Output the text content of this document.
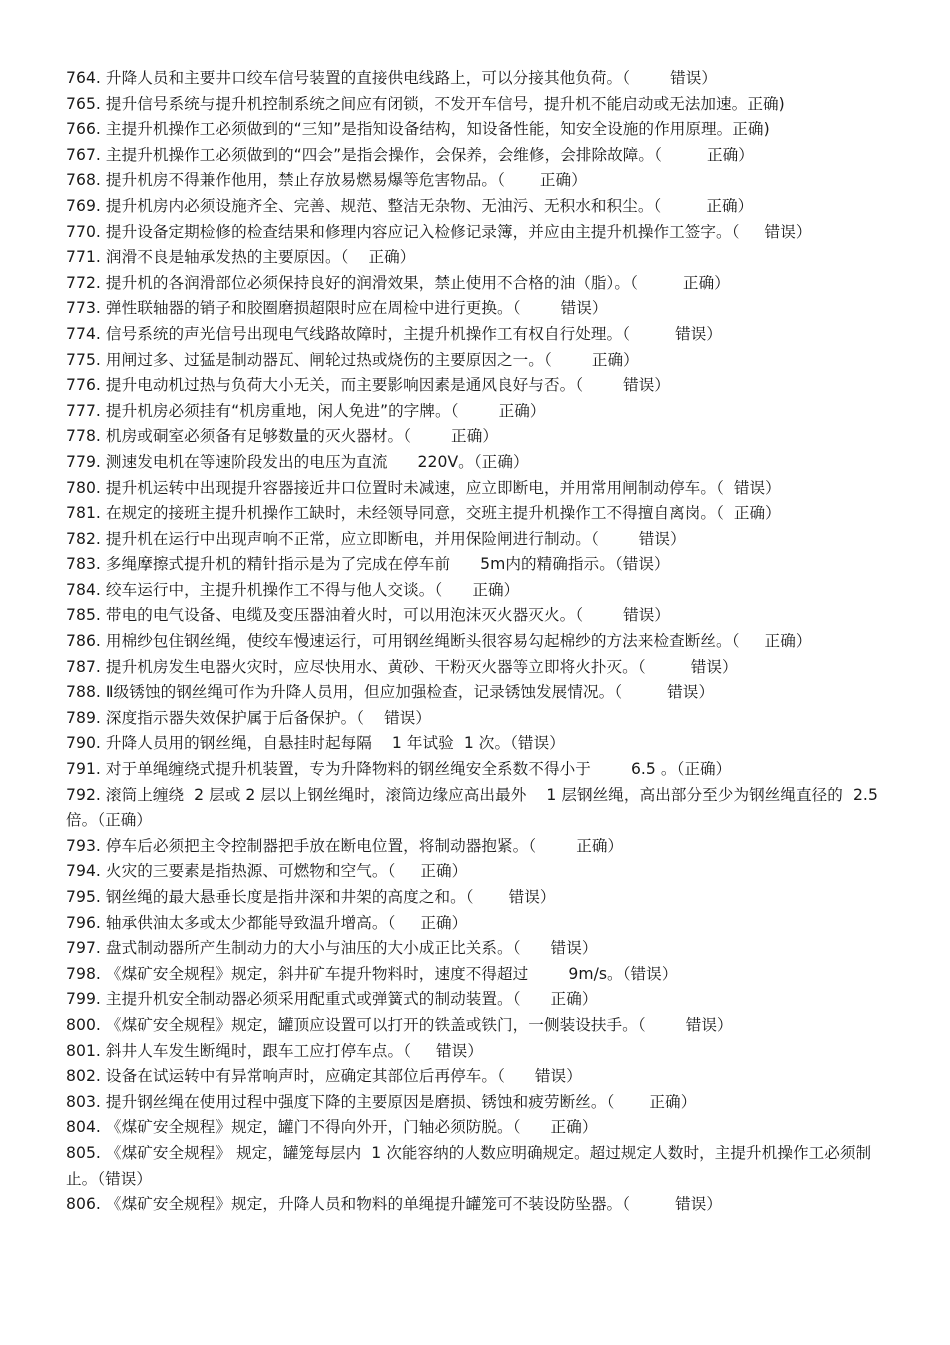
764. 升降人员和主要井口绞车信号装置的直接供电线路上，可以分接其他负荷。（        错误）

765. 提升信号系统与提升机控制系统之间应有闭锁，不发开车信号，提升机不能启动或无法加速。正确)

766. 主提升机操作工必须做到的“三知”是指知设备结构，知设备性能，知安全设施的作用原理。正确)

767. 主提升机操作工必须做到的“四会”是指会操作，会保养，会维修，会排除故障。（         正确）

768. 提升机房不得兼作他用，禁止存放易燃易爆等危害物品。（       正确）

769. 提升机房内必须设施齐全、完善、规范、整洁无杂物、无油污、无积水和积尘。（         正确）

770. 提升设备定期检修的检查结果和修理内容应记入检修记录簿，并应由主提升机操作工签字。（     错误）

771. 润滑不良是轴承发热的主要原因。（    正确）

772. 提升机的各润滑部位必须保持良好的润滑效果，禁止使用不合格的油（脂）。（         正确）

773. 弹性联轴器的销子和胶圈磨损超限时应在周检中进行更换。（        错误）

774. 信号系统的声光信号出现电气线路故障时，主提升机操作工有权自行处理。（         错误）

775. 用闸过多、过猛是制动器瓦、闸轮过热或烧伤的主要原因之一。（        正确）

776. 提升电动机过热与负荷大小无关，而主要影响因素是通风良好与否。（        错误）

777. 提升机房必须挂有“机房重地，闲人免进”的字牌。（        正确）

778. 机房或硐室必须备有足够数量的灭火器材。（        正确）

779. 测速发电机在等速阶段发出的电压为直流      220V。（正确）

780. 提升机运转中出现提升容器接近井口位置时未减速，应立即断电，并用常用闸制动停车。（  错误）

781. 在规定的接班主提升机操作工缺时，未经领导同意，交班主提升机操作工不得擅自离岗。（  正确）

782. 提升机在运行中出现声响不正常，应立即断电，并用保险闸进行制动。（        错误）

783. 多绳摩擦式提升机的精针指示是为了完成在停车前      5m内的精确指示。（错误）

784. 绞车运行中，主提升机操作工不得与他人交谈。（      正确）

785. 带电的电气设备、电缆及变压器油着火时，可以用泡沫灭火器灭火。（        错误）

786. 用棉纱包住钢丝绳，使绞车慢速运行，可用钢丝绳断头很容易勾起棉纱的方法来检查断丝。（     正确）

787. 提升机房发生电器火灾时，应尽快用水、黄砂、干粉灭火器等立即将火扑灭。（         错误）

788. Ⅱ级锈蚀的钢丝绳可作为升降人员用，但应加强检查，记录锈蚀发展情况。（         错误）

789. 深度指示器失效保护属于后备保护。（    错误）

790. 升降人员用的钢丝绳，自悬挂时起每隔    1 年试验  1 次。（错误）

791. 对于单绳缠绕式提升机装置，专为升降物料的钢丝绳安全系数不得小于        6.5 。（正确）

792. 滚筒上缠绕  2 层或 2 层以上钢丝绳时，滚筒边缘应高出最外    1 层钢丝绳，高出部分至少为钢丝绳直径的  2.5 倍。（正确）

793. 停车后必须把主令控制器把手放在断电位置，将制动器抱紧。（        正确）

794. 火灾的三要素是指热源、可燃物和空气。（     正确）

795. 钢丝绳的最大悬垂长度是指井深和井架的高度之和。（       错误）

796. 轴承供油太多或太少都能导致温升增高。（     正确）

797. 盘式制动器所产生制动力的大小与油压的大小成正比关系。（      错误）

798. 《煤矿安全规程》规定，斜井矿车提升物料时，速度不得超过        9m/s。（错误）

799. 主提升机安全制动器必须采用配重式或弹簧式的制动装置。（      正确）

800. 《煤矿安全规程》规定，罐顶应设置可以打开的铁盖或铁门，一侧装设扶手。（        错误）

801. 斜井人车发生断绳时，跟车工应打停车点。（     错误）

802. 设备在试运转中有异常响声时，应确定其部位后再停车。（      错误）

803. 提升钢丝绳在使用过程中强度下降的主要原因是磨损、锈蚀和疲劳断丝。（       正确）

804. 《煤矿安全规程》规定，罐门不得向外开，门轴必须防脱。（      正确）

805. 《煤矿安全规程》 规定，罐笼每层内  1 次能容纳的人数应明确规定。超过规定人数时，主提升机操作工必须制止。（错误）

806. 《煤矿安全规程》规定，升降人员和物料的单绳提升罐笼可不装设防坠器。（         错误）
